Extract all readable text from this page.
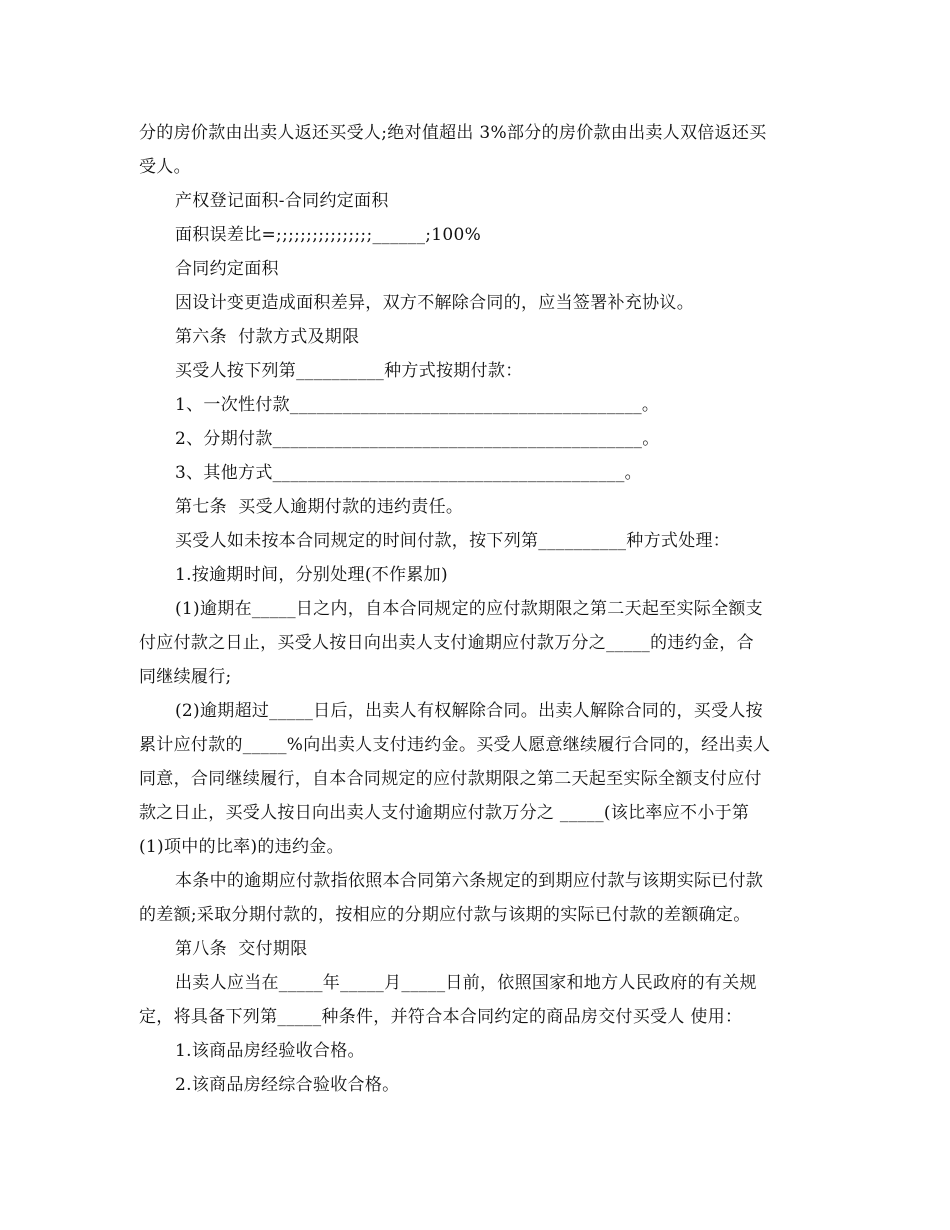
分的房价款由出卖人返还买受人;绝对值超出 3%部分的房价款由出卖人双倍返还买
受人。
产权登记面积-合同约定面积
面积误差比=;;;;;;;;;;;;;;;;______;100%
合同约定面积
因设计变更造成面积差异，双方不解除合同的，应当签署补充协议。
第六条  付款方式及期限
买受人按下列第__________种方式按期付款：
1、一次性付款________________________________________。
2、分期付款__________________________________________。
3、其他方式________________________________________。
第七条  买受人逾期付款的违约责任。
买受人如未按本合同规定的时间付款，按下列第__________种方式处理：
1.按逾期时间，分别处理(不作累加)
(1)逾期在_____日之内，自本合同规定的应付款期限之第二天起至实际全额支
付应付款之日止，买受人按日向出卖人支付逾期应付款万分之_____的违约金，合
同继续履行;
(2)逾期超过_____日后，出卖人有权解除合同。出卖人解除合同的，买受人按
累计应付款的_____%向出卖人支付违约金。买受人愿意继续履行合同的，经出卖人
同意，合同继续履行，自本合同规定的应付款期限之第二天起至实际全额支付应付
款之日止，买受人按日向出卖人支付逾期应付款万分之 _____(该比率应不小于第
(1)项中的比率)的违约金。
本条中的逾期应付款指依照本合同第六条规定的到期应付款与该期实际已付款
的差额;采取分期付款的，按相应的分期应付款与该期的实际已付款的差额确定。
第八条  交付期限
出卖人应当在_____年_____月_____日前，依照国家和地方人民政府的有关规
定，将具备下列第_____种条件，并符合本合同约定的商品房交付买受人 使用：
1.该商品房经验收合格。
2.该商品房经综合验收合格。
